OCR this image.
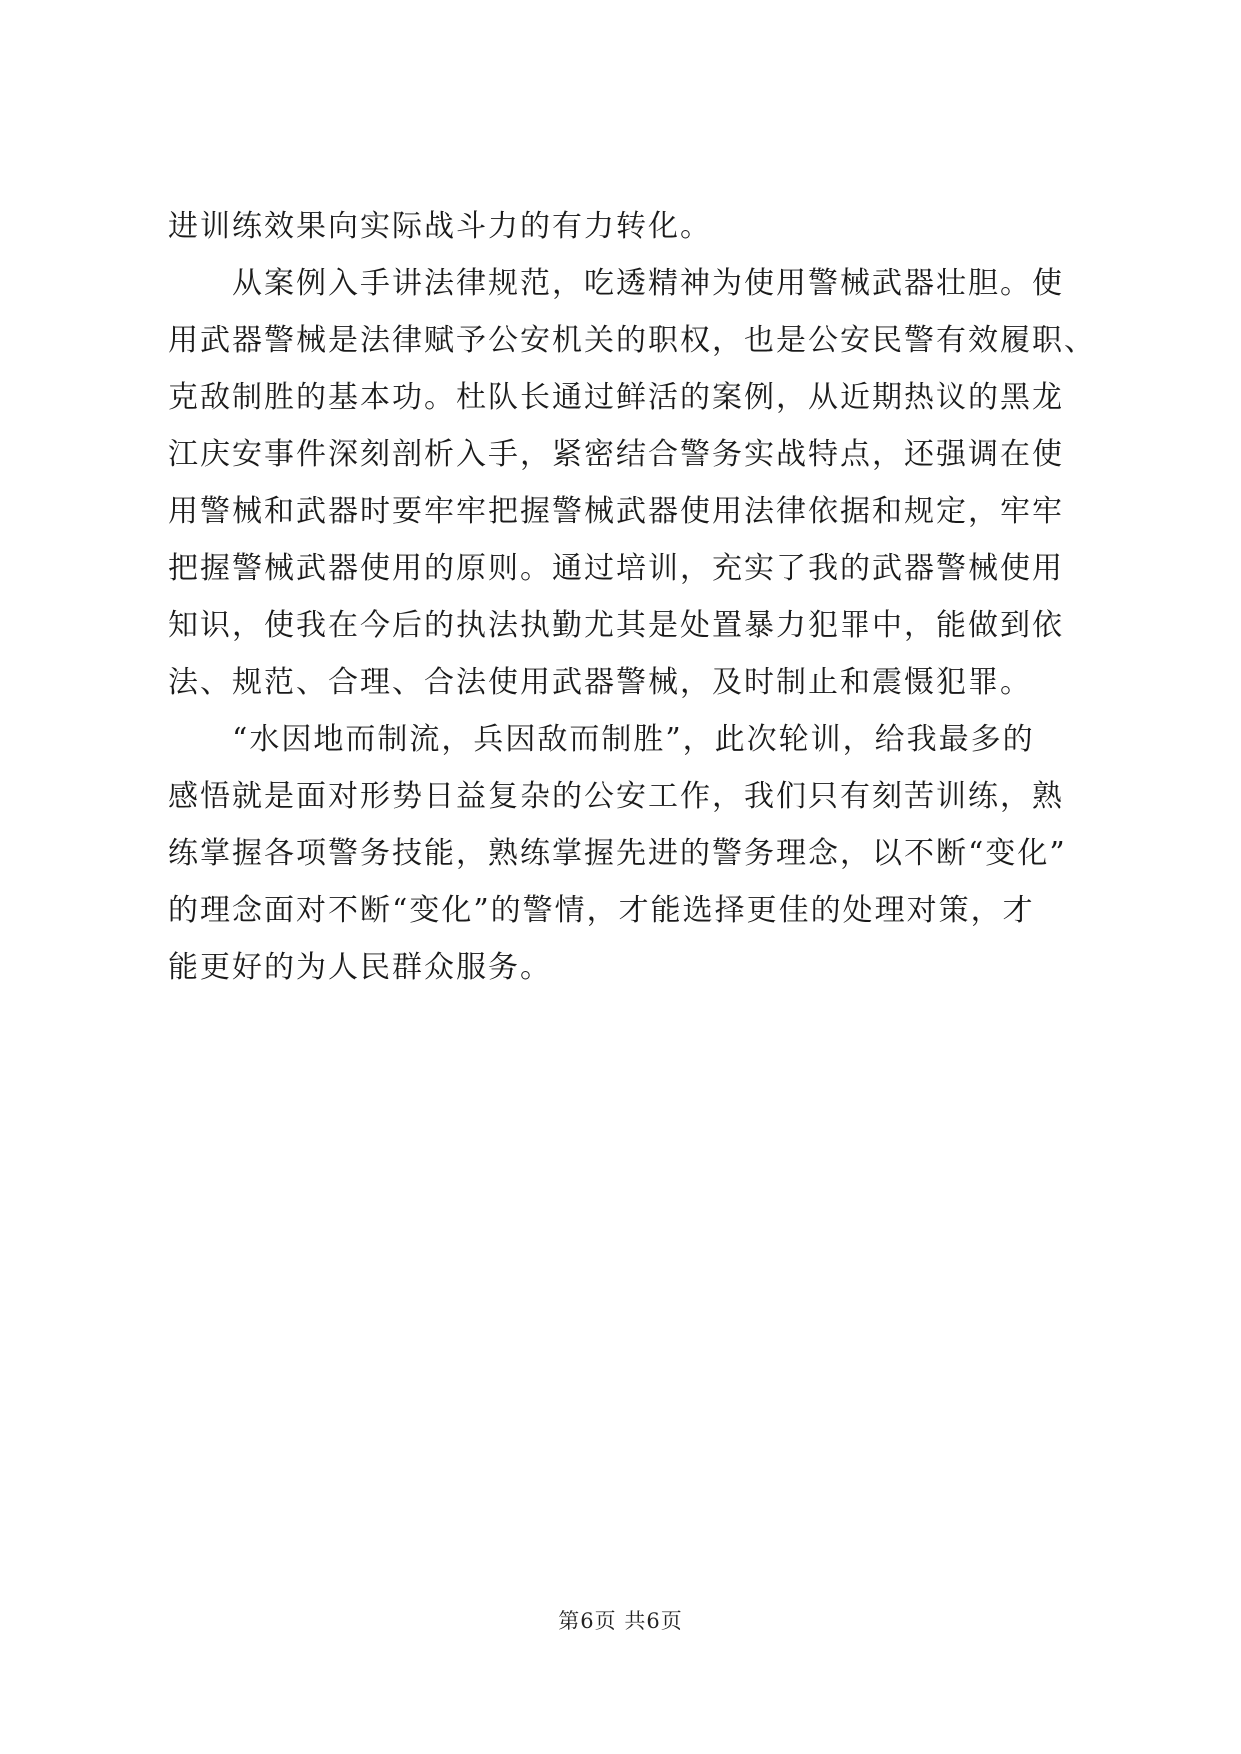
进训练效果向实际战斗力的有力转化。
　　从案例入手讲法律规范，吃透精神为使用警械武器壮胆。使
用武器警械是法律赋予公安机关的职权，也是公安民警有效履职、
克敌制胜的基本功。杜队长通过鲜活的案例，从近期热议的黑龙
江庆安事件深刻剖析入手，紧密结合警务实战特点，还强调在使
用警械和武器时要牢牢把握警械武器使用法律依据和规定，牢牢
把握警械武器使用的原则。通过培训，充实了我的武器警械使用
知识，使我在今后的执法执勤尤其是处置暴力犯罪中，能做到依
法、规范、合理、合法使用武器警械，及时制止和震慑犯罪。
　　“水因地而制流，兵因敌而制胜”，此次轮训，给我最多的
感悟就是面对形势日益复杂的公安工作，我们只有刻苦训练，熟
练掌握各项警务技能，熟练掌握先进的警务理念，以不断“变化”
的理念面对不断“变化”的警情，才能选择更佳的处理对策，才
能更好的为人民群众服务。
第6页 共6页
